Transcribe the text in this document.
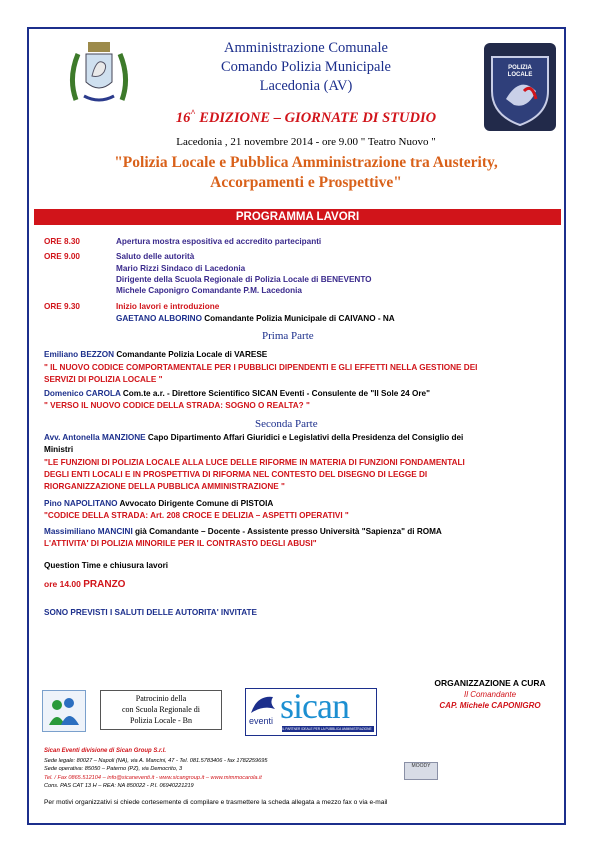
Amministrazione Comunale
Comando Polizia Municipale
Lacedonia (AV)
POLIZIA LOCALE
16^ EDIZIONE – GIORNATE DI STUDIO
Lacedonia , 21 novembre 2014 - ore 9.00 " Teatro Nuovo "
"Polizia Locale e Pubblica Amministrazione tra Austerity,
Accorpamenti e Prospettive"
PROGRAMMA LAVORI
ORE 8.30	Apertura mostra espositiva ed accredito partecipanti
ORE 9.00	Saluto delle autorità
Mario Rizzi Sindaco di Lacedonia
Dirigente della Scuola Regionale di Polizia Locale di BENEVENTO
Michele Caponigro Comandante P.M. Lacedonia
ORE 9.30	Inizio lavori e introduzione
GAETANO ALBORINO Comandante Polizia Municipale di CAIVANO - NA
Prima Parte
Emiliano BEZZON Comandante Polizia Locale di VARESE
" IL NUOVO CODICE COMPORTAMENTALE PER I PUBBLICI DIPENDENTI E GLI EFFETTI NELLA GESTIONE DEI
SERVIZI DI POLIZIA LOCALE "
Domenico CAROLA Com.te a.r. - Direttore Scientifico SICAN Eventi - Consulente de "Il Sole 24 Ore"
" VERSO IL NUOVO CODICE DELLA STRADA: SOGNO O REALTA? "
Seconda Parte
Avv. Antonella MANZIONE Capo Dipartimento Affari Giuridici e Legislativi della Presidenza del Consiglio dei
Ministri
"LE FUNZIONI DI POLIZIA LOCALE ALLA LUCE DELLE RIFORME IN MATERIA DI FUNZIONI FONDAMENTALI
DEGLI ENTI LOCALI E IN PROSPETTIVA DI RIFORMA NEL CONTESTO DEL DISEGNO DI LEGGE DI
RIORGANIZZAZIONE DELLA PUBBLICA AMMINISTRAZIONE "
Pino NAPOLITANO Avvocato Dirigente Comune di PISTOIA
"CODICE DELLA STRADA: Art. 208 CROCE E DELIZIA – ASPETTI OPERATIVI "
Massimiliano MANCINI già Comandante – Docente - Assistente presso Università "Sapienza" di ROMA
L'ATTIVITA' DI POLIZIA MINORILE PER IL CONTRASTO DEGLI ABUSI"
Question Time e chiusura lavori
ore 14.00 PRANZO
SONO PREVISTI I SALUTI DELLE AUTORITA' INVITATE
ORGANIZZAZIONE A CURA
Il Comandante
CAP. Michele CAPONIGRO
Patrocinio della
con Scuola Regionale di
Polizia Locale - Bn	eventi sican
IL PARTNER IDEALE PER LA PUBBLICA AMMINISTRAZIONE
MOODY
Sican Eventi divisione di Sican Group S.r.l.
Sede legale: 80027 – Napoli (NA), via A. Mancini, 47 - Tel. 081.5783406 - fax 1782259695
Sede operativa: 85050 – Paterno (PZ), via Democrito, 3
Tel. / Fax 0865.512104 – info@sicaneventi.it - www.sicangroup.it – www.mimmocarola.it
Cons. PAS CAT 13 H – REA: NA 850022 - P.I. 06940221219
Per motivi organizzativi si chiede cortesemente di compilare e trasmettere la scheda allegata a mezzo fax o via e-mail
